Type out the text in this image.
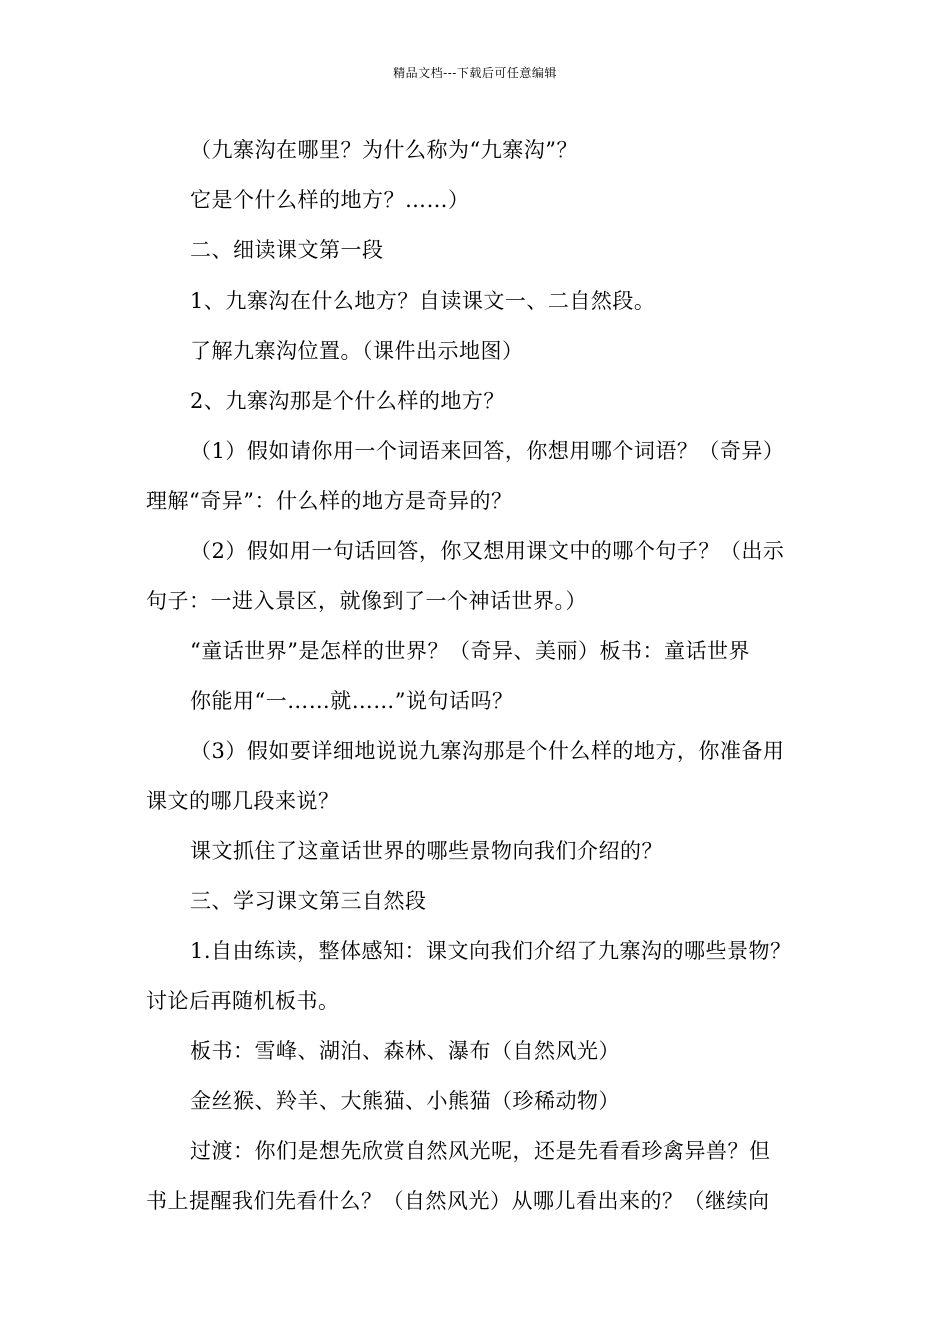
精品文档---下载后可任意编辑
（九寨沟在哪里？为什么称为“九寨沟”？
它是个什么样的地方？……）
二、细读课文第一段
1、九寨沟在什么地方？自读课文一、二自然段。
了解九寨沟位置。（课件出示地图）
2、九寨沟那是个什么样的地方？
（1）假如请你用一个词语来回答，你想用哪个词语？（奇异）
理解“奇异”：什么样的地方是奇异的？
（2）假如用一句话回答，你又想用课文中的哪个句子？（出示
句子：一进入景区，就像到了一个神话世界。）
“童话世界”是怎样的世界？（奇异、美丽）板书：童话世界
你能用“一……就……”说句话吗？
（3）假如要详细地说说九寨沟那是个什么样的地方，你准备用
课文的哪几段来说？
课文抓住了这童话世界的哪些景物向我们介绍的？
三、学习课文第三自然段
1.自由练读，整体感知：课文向我们介绍了九寨沟的哪些景物？
讨论后再随机板书。
板书：雪峰、湖泊、森林、瀑布（自然风光）
金丝猴、羚羊、大熊猫、小熊猫（珍稀动物）
过渡：你们是想先欣赏自然风光呢，还是先看看珍禽异兽？但
书上提醒我们先看什么？（自然风光）从哪儿看出来的？（继续向
